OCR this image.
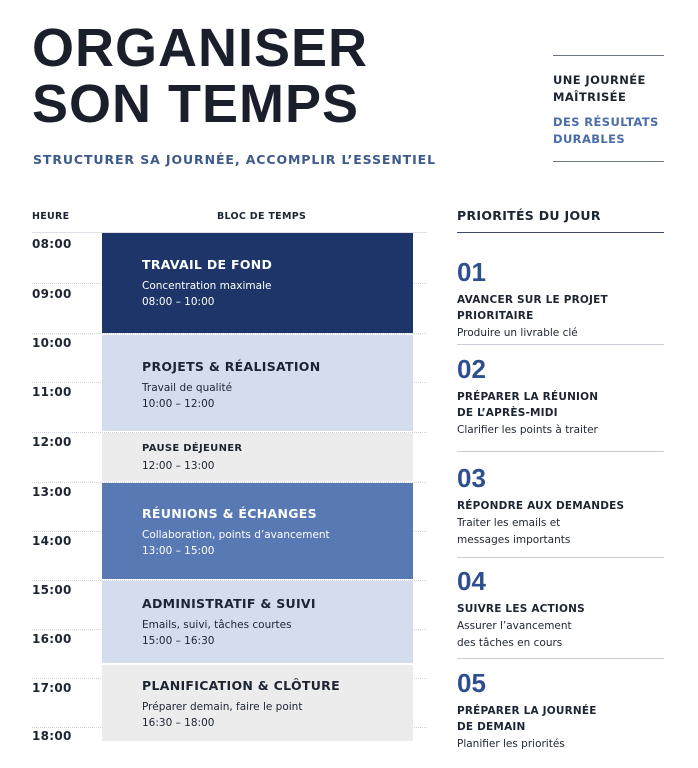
ORGANISER
SON TEMPS
STRUCTURER SA JOURNÉE, ACCOMPLIR L’ESSENTIEL
UNE JOURNÉE
MAÎTRISÉE
DES RÉSULTATS
DURABLES
HEURE	BLOC DE TEMPS
08:00
09:00
10:00
11:00
12:00
13:00
14:00
15:00
16:00
17:00
18:00
TRAVAIL DE FOND
Concentration maximale
08:00 – 10:00
PROJETS & RÉALISATION
Travail de qualité
10:00 – 12:00
PAUSE DÉJEUNER
12:00 – 13:00
RÉUNIONS & ÉCHANGES
Collaboration, points d’avancement
13:00 – 15:00
ADMINISTRATIF & SUIVI
Emails, suivi, tâches courtes
15:00 – 16:30
PLANIFICATION & CLÔTURE
Préparer demain, faire le point
16:30 – 18:00
PRIORITÉS DU JOUR
01
AVANCER SUR LE PROJET PRIORITAIRE
Produire un livrable clé
02
PRÉPARER LA RÉUNION
DE L’APRÈS-MIDI
Clarifier les points à traiter
03
RÉPONDRE AUX DEMANDES
Traiter les emails et
messages importants
04
SUIVRE LES ACTIONS
Assurer l’avancement
des tâches en cours
05
PRÉPARER LA JOURNÉE
DE DEMAIN
Planifier les priorités
